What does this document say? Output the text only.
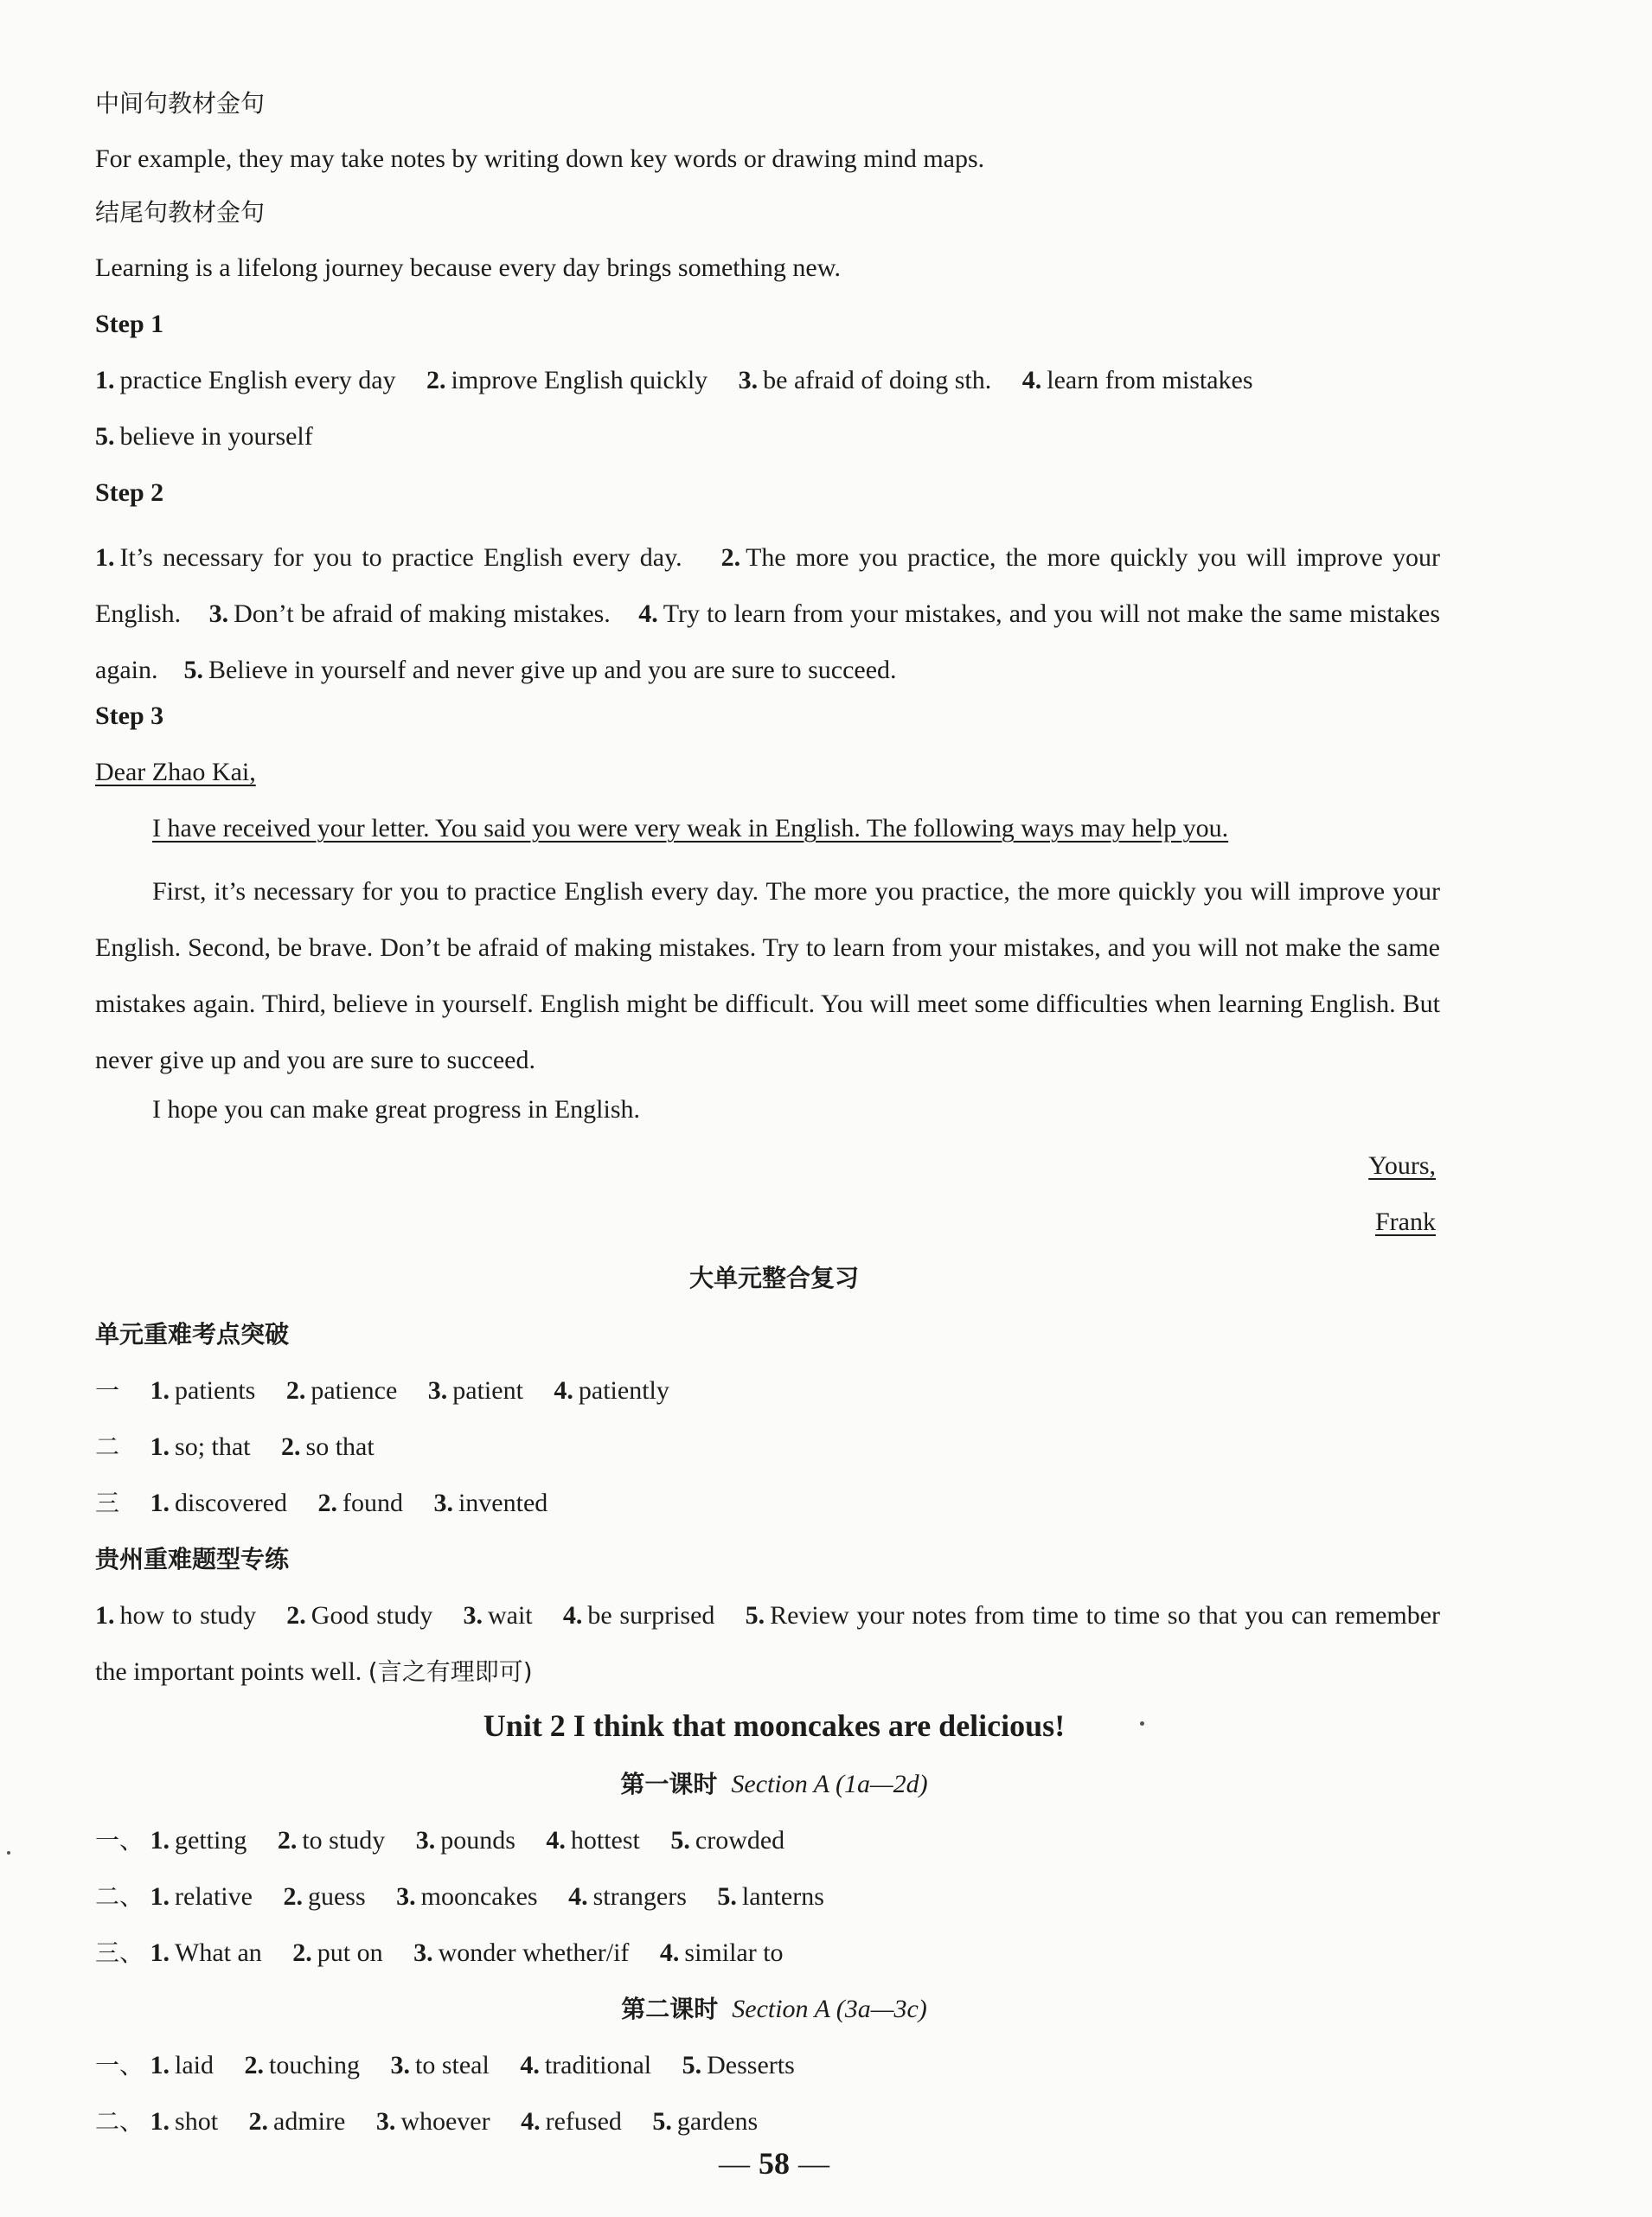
中间句教材金句
For example, they may take notes by writing down key words or drawing mind maps.
结尾句教材金句
Learning is a lifelong journey because every day brings something new.
Step 1
1. practice English every day 2. improve English quickly 3. be afraid of doing sth. 4. learn from mistakes
5. believe in yourself
Step 2
1. It’s necessary for you to practice English every day. 2. The more you practice, the more quickly you will improve your English. 3. Don’t be afraid of making mistakes. 4. Try to learn from your mistakes, and you will not make the same mistakes again. 5. Believe in yourself and never give up and you are sure to succeed.
Step 3
Dear Zhao Kai,
I have received your letter. You said you were very weak in English. The following ways may help you.
First, it’s necessary for you to practice English every day. The more you practice, the more quickly you will improve your English. Second, be brave. Don’t be afraid of making mistakes. Try to learn from your mistakes, and you will not make the same mistakes again. Third, believe in yourself. English might be difficult. You will meet some difficulties when learning English. But never give up and you are sure to succeed.
I hope you can make great progress in English.
Yours,
Frank
大单元整合复习
单元重难考点突破
一 1. patients 2. patience 3. patient 4. patiently
二 1. so; that 2. so that
三 1. discovered 2. found 3. invented
贵州重难题型专练
1. how to study 2. Good study 3. wait 4. be surprised 5. Review your notes from time to time so that you can remember the important points well. (言之有理即可)
Unit 2 I think that mooncakes are delicious!
第一课时 Section A (1a—2d)
一、 1. getting 2. to study 3. pounds 4. hottest 5. crowded
二、 1. relative 2. guess 3. mooncakes 4. strangers 5. lanterns
三、 1. What an 2. put on 3. wonder whether/if 4. similar to
第二课时 Section A (3a—3c)
一、 1. laid 2. touching 3. to steal 4. traditional 5. Desserts
二、 1. shot 2. admire 3. whoever 4. refused 5. gardens
— 58 —
